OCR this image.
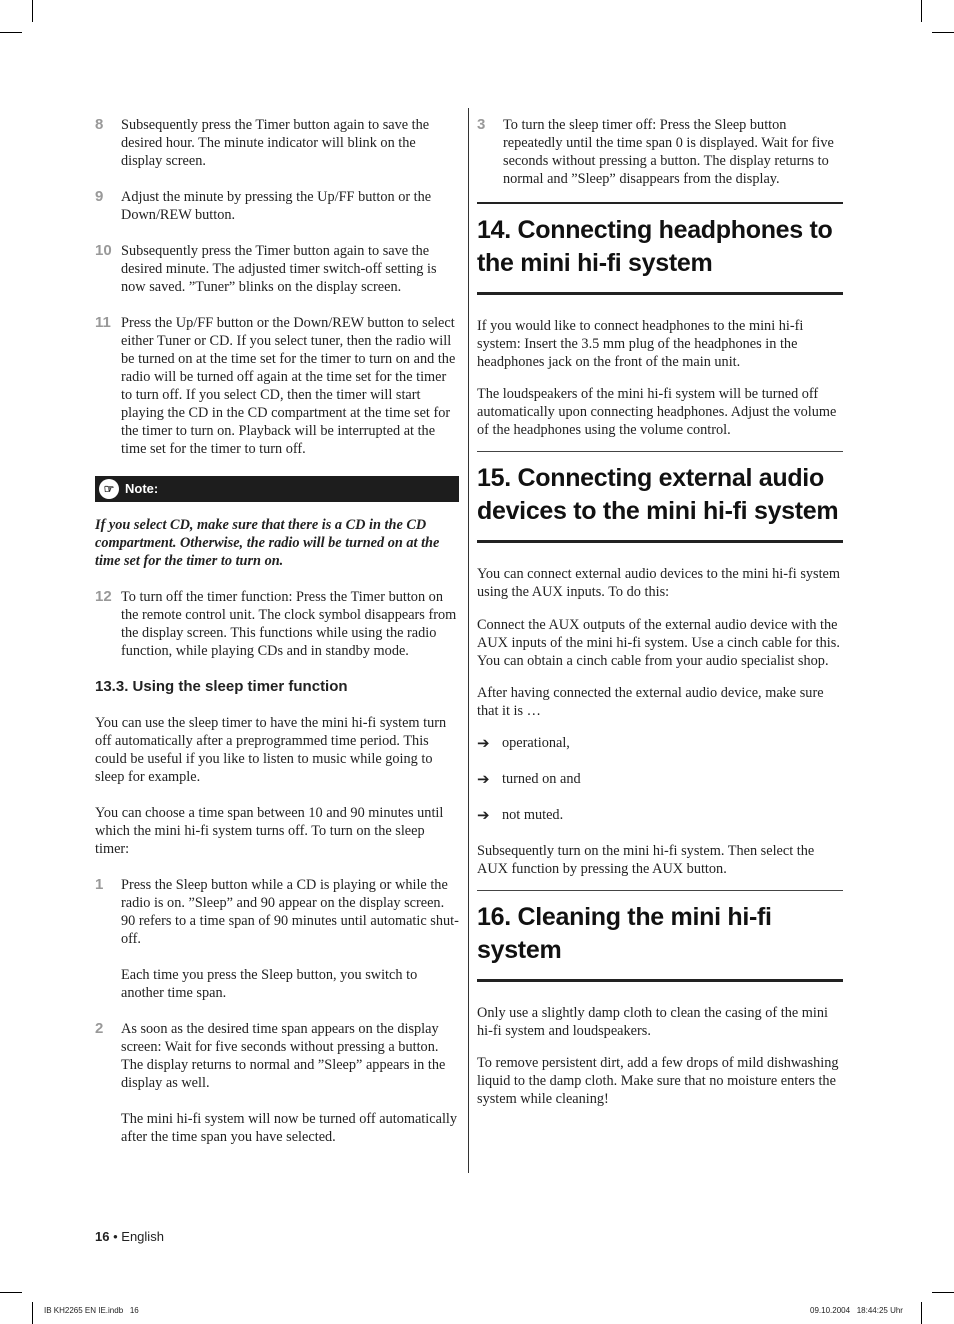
8 Subsequently press the Timer button again to save the desired hour. The minute indicator will blink on the display screen.

9 Adjust the minute by pressing the Up/FF button or the Down/REW button.

10 Subsequently press the Timer button again to save the desired minute. The adjusted timer switch-off setting is now saved. ”Tuner” blinks on the display screen.

11 Press the Up/FF button or the Down/REW button to select either Tuner or CD. If you select tuner, then the radio will be turned on at the time set for the timer to turn on and the radio will be turned off again at the time set for the timer to turn off. If you select CD, then the timer will start playing the CD in the CD compartment at the time set for the timer to turn on. Playback will be interrupted at the time set for the timer to turn off.

☞ Note:

If you select CD, make sure that there is a CD in the CD compartment. Otherwise, the radio will be turned on at the time set for the timer to turn on.

12 To turn off the timer function: Press the Timer button on the remote control unit. The clock symbol disappears from the display screen. This functions while using the radio function, while playing CDs and in standby mode.

13.3. Using the sleep timer function

You can use the sleep timer to have the mini hi-fi system turn off automatically after a preprogrammed time period. This could be useful if you like to listen to music while going to sleep for example.

You can choose a time span between 10 and 90 minutes until which the mini hi-fi system turns off. To turn on the sleep timer:

1 Press the Sleep button while a CD is playing or while the radio is on. ”Sleep” and 90 appear on the display screen. 90 refers to a time span of 90 minutes until automatic shut-off.

Each time you press the Sleep button, you switch to another time span.

2 As soon as the desired time span appears on the display screen: Wait for five seconds without pressing a button. The display returns to normal and ”Sleep” appears in the display as well.

The mini hi-fi system will now be turned off automatically after the time span you have selected.

3 To turn the sleep timer off: Press the Sleep button repeatedly until the time span 0 is displayed. Wait for five seconds without pressing a button. The display returns to normal and ”Sleep” disappears from the display.

14. Connecting headphones to the mini hi-fi system

If you would like to connect headphones to the mini hi-fi system: Insert the 3.5 mm plug of the headphones in the headphones jack on the front of the main unit.

The loudspeakers of the mini hi-fi system will be turned off automatically upon connecting headphones. Adjust the volume of the headphones using the volume control.

15. Connecting external audio devices to the mini hi-fi system

You can connect external audio devices to the mini hi-fi system using the AUX inputs. To do this:

Connect the AUX outputs of the external audio device with the AUX inputs of the mini hi-fi system. Use a cinch cable for this. You can obtain a cinch cable from your audio specialist shop.

After having connected the external audio device, make sure that it is …

➔ operational,
➔ turned on and
➔ not muted.

Subsequently turn on the mini hi-fi system. Then select the AUX function by pressing the AUX button.

16. Cleaning the mini hi-fi system

Only use a slightly damp cloth to clean the casing of the mini hi-fi system and loudspeakers.

To remove persistent dirt, add a few drops of mild dishwashing liquid to the damp cloth. Make sure that no moisture enters the system while cleaning!

16 • English
IB KH2265 EN IE.indb   16	09.10.2004   18:44:25 Uhr
